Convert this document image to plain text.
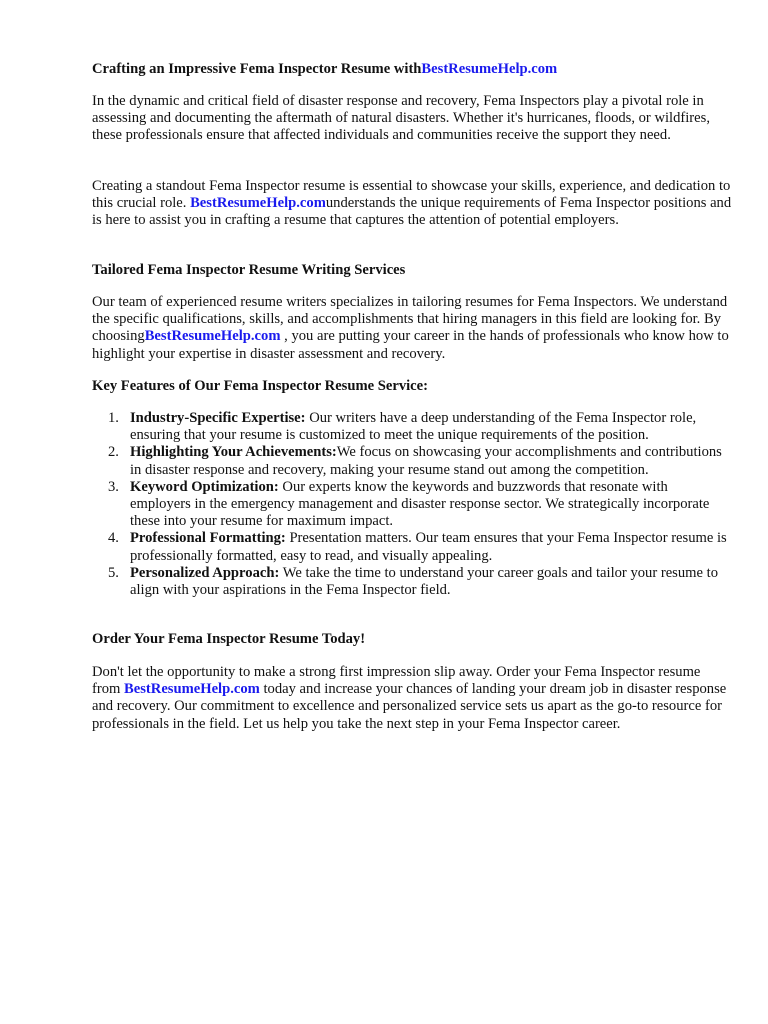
Crafting an Impressive Fema Inspector Resume withBestResumeHelp.com

In the dynamic and critical field of disaster response and recovery, Fema Inspectors play a pivotal role in assessing and documenting the aftermath of natural disasters. Whether it's hurricanes, floods, or wildfires, these professionals ensure that affected individuals and communities receive the support they need.

Creating a standout Fema Inspector resume is essential to showcase your skills, experience, and dedication to this crucial role. BestResumeHelp.comunderstands the unique requirements of Fema Inspector positions and is here to assist you in crafting a resume that captures the attention of potential employers.

Tailored Fema Inspector Resume Writing Services

Our team of experienced resume writers specializes in tailoring resumes for Fema Inspectors. We understand the specific qualifications, skills, and accomplishments that hiring managers in this field are looking for. By choosingBestResumeHelp.com , you are putting your career in the hands of professionals who know how to highlight your expertise in disaster assessment and recovery.

Key Features of Our Fema Inspector Resume Service:

1. Industry-Specific Expertise: Our writers have a deep understanding of the Fema Inspector role, ensuring that your resume is customized to meet the unique requirements of the position.
2. Highlighting Your Achievements:We focus on showcasing your accomplishments and contributions in disaster response and recovery, making your resume stand out among the competition.
3. Keyword Optimization: Our experts know the keywords and buzzwords that resonate with employers in the emergency management and disaster response sector. We strategically incorporate these into your resume for maximum impact.
4. Professional Formatting: Presentation matters. Our team ensures that your Fema Inspector resume is professionally formatted, easy to read, and visually appealing.
5. Personalized Approach: We take the time to understand your career goals and tailor your resume to align with your aspirations in the Fema Inspector field.

Order Your Fema Inspector Resume Today!

Don't let the opportunity to make a strong first impression slip away. Order your Fema Inspector resume from BestResumeHelp.com today and increase your chances of landing your dream job in disaster response and recovery. Our commitment to excellence and personalized service sets us apart as the go-to resource for professionals in the field. Let us help you take the next step in your Fema Inspector career.
